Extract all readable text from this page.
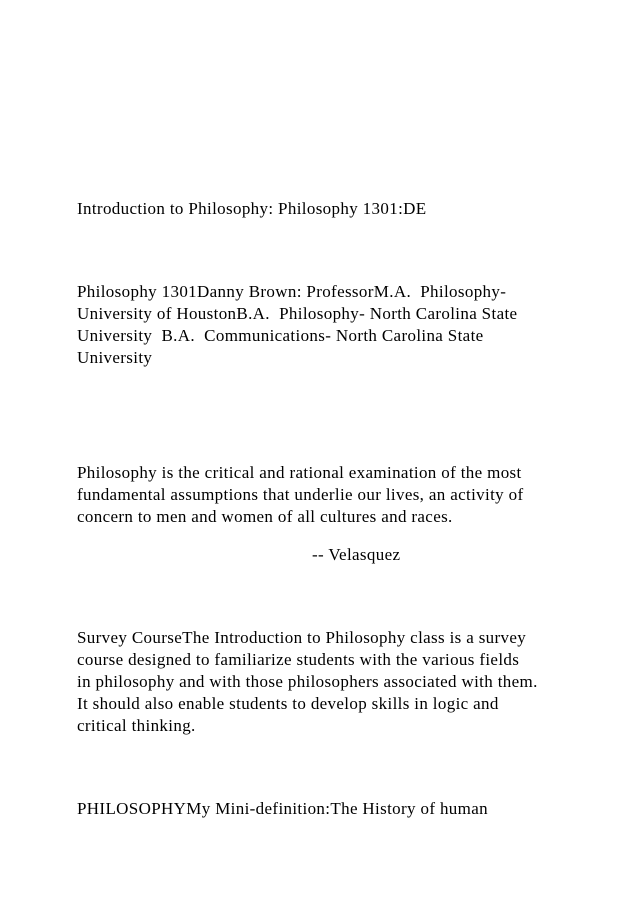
Introduction to Philosophy: Philosophy 1301:DE
Philosophy 1301Danny Brown: ProfessorM.A.  Philosophy-
University of HoustonB.A.  Philosophy- North Carolina State
University  B.A.  Communications- North Carolina State
University
Philosophy is the critical and rational examination of the most
fundamental assumptions that underlie our lives, an activity of
concern to men and women of all cultures and races.
-- Velasquez
Survey CourseThe Introduction to Philosophy class is a survey
course designed to familiarize students with the various fields
in philosophy and with those philosophers associated with them.
It should also enable students to develop skills in logic and
critical thinking.
PHILOSOPHYMy Mini-definition:The History of human
